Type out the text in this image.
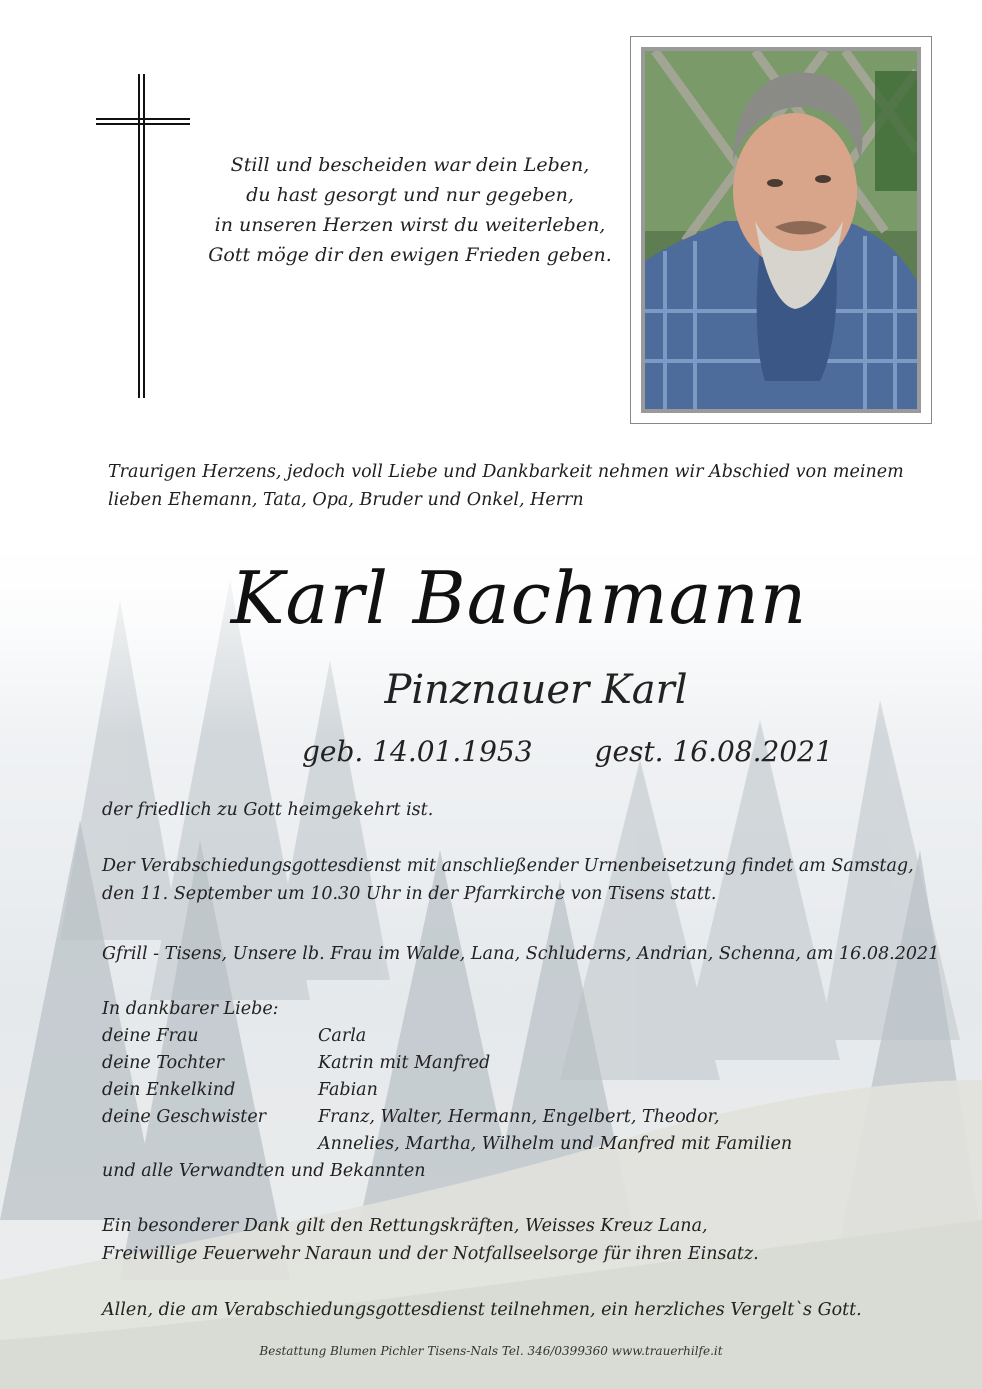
Still und bescheiden war dein Leben,
du hast gesorgt und nur gegeben,
in unseren Herzen wirst du weiterleben,
Gott möge dir den ewigen Frieden geben.
Traurigen Herzens, jedoch voll Liebe und Dankbarkeit nehmen wir Abschied von meinem
lieben Ehemann, Tata, Opa, Bruder und Onkel, Herrn
Karl Bachmann
Pinznauer Karl
geb. 14.01.1953 gest. 16.08.2021
der friedlich zu Gott heimgekehrt ist.
Der Verabschiedungsgottesdienst mit anschließender Urnenbeisetzung findet am Samstag,
den 11. September um 10.30 Uhr in der Pfarrkirche von Tisens statt.
Gfrill - Tisens, Unsere lb. Frau im Walde, Lana, Schluderns, Andrian, Schenna, am 16.08.2021
In dankbarer Liebe:
deine Frau	Carla
deine Tochter	Katrin mit Manfred
dein Enkelkind	Fabian
deine Geschwister	Franz, Walter, Hermann, Engelbert, Theodor,
Annelies, Martha, Wilhelm und Manfred mit Familien
und alle Verwandten und Bekannten
Ein besonderer Dank gilt den Rettungskräften, Weisses Kreuz Lana,
Freiwillige Feuerwehr Naraun und der Notfallseelsorge für ihren Einsatz.
Allen, die am Verabschiedungsgottesdienst teilnehmen, ein herzliches Vergelt`s Gott.
Bestattung Blumen Pichler Tisens-Nals Tel. 346/0399360 www.trauerhilfe.it
